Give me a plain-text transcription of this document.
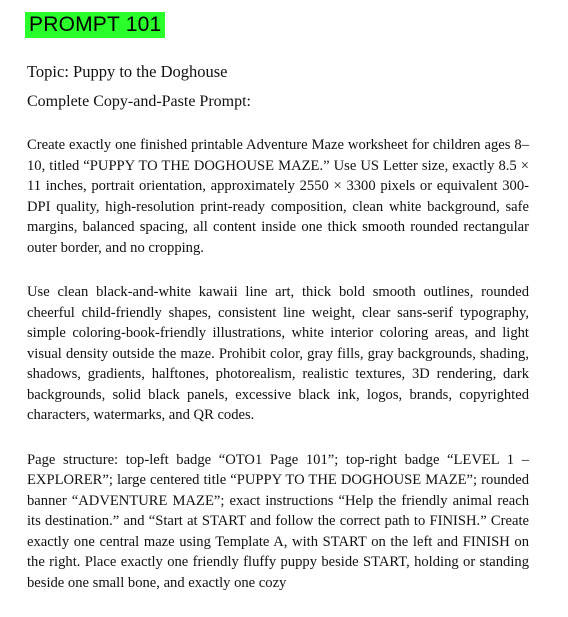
PROMPT 101
Topic: Puppy to the Doghouse
Complete Copy-and-Paste Prompt:

Create exactly one finished printable Adventure Maze worksheet for children ages 8–10, titled “PUPPY TO THE DOGHOUSE MAZE.” Use US Letter size, exactly 8.5 × 11 inches, portrait orientation, approximately 2550 × 3300 pixels or equivalent 300-DPI quality, high-resolution print-ready composition, clean white background, safe margins, balanced spacing, all content inside one thick smooth rounded rectangular outer border, and no cropping.

Use clean black-and-white kawaii line art, thick bold smooth outlines, rounded cheerful child-friendly shapes, consistent line weight, clear sans-serif typography, simple coloring-book-friendly illustrations, white interior coloring areas, and light visual density outside the maze. Prohibit color, gray fills, gray backgrounds, shading, shadows, gradients, halftones, photorealism, realistic textures, 3D rendering, dark backgrounds, solid black panels, excessive black ink, logos, brands, copyrighted characters, watermarks, and QR codes.

Page structure: top-left badge “OTO1 Page 101”; top-right badge “LEVEL 1 – EXPLORER”; large centered title “PUPPY TO THE DOGHOUSE MAZE”; rounded banner “ADVENTURE MAZE”; exact instructions “Help the friendly animal reach its destination.” and “Start at START and follow the correct path to FINISH.” Create exactly one central maze using Template A, with START on the left and FINISH on the right. Place exactly one friendly fluffy puppy beside START, holding or standing beside one small bone, and exactly one cozy
